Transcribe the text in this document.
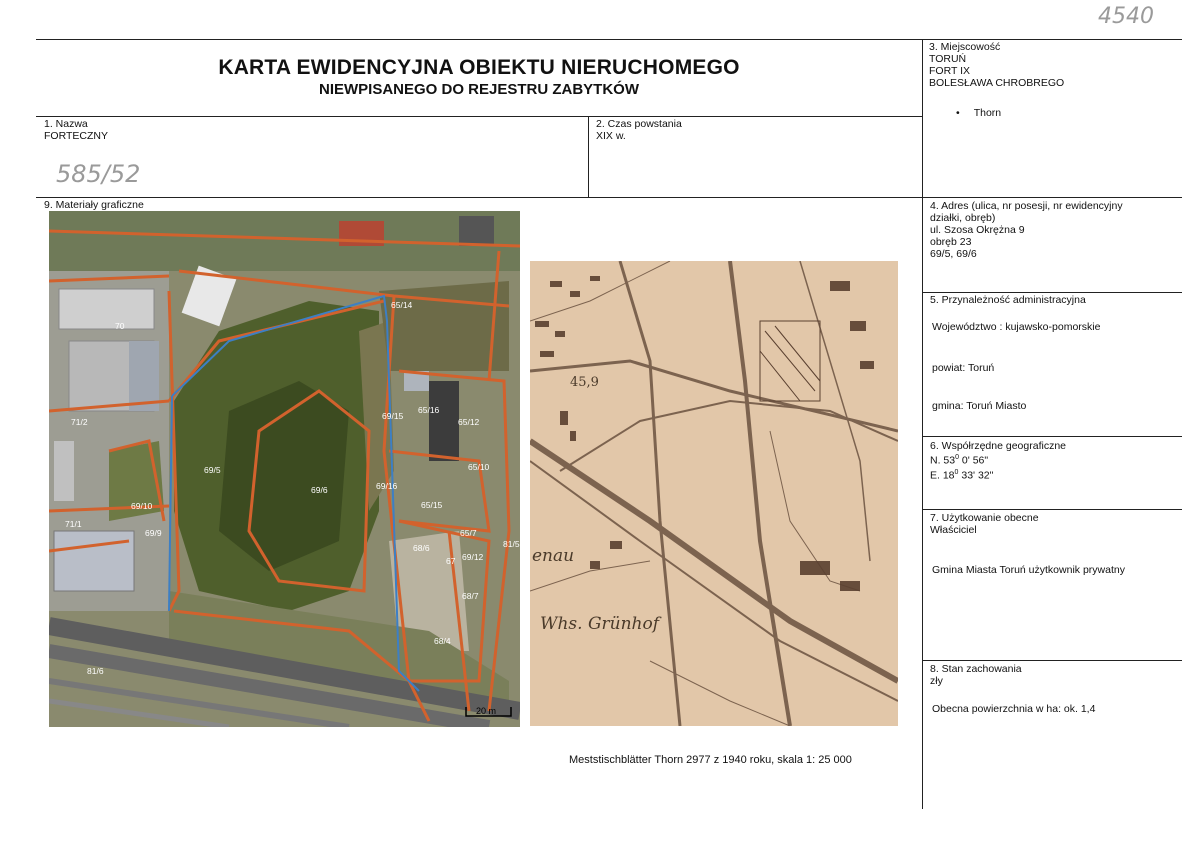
4540
KARTA EWIDENCYJNA OBIEKTU NIERUCHOMEGO
NIEWPISANEGO DO REJESTRU ZABYTKÓW
3. Miejscowość
TORUŃ
FORT IX
BOLESŁAWA CHROBREGO
• Thorn
1. Nazwa
FORTECZNY
585/52
2. Czas powstania
XIX w.
9. Materiały graficzne
65/14
70
71/2
69/5
69/6
69/15
65/16
65/12
65/10
69/16
65/15
69/10
71/1
69/9	65/7
69/12
68/6
67
81/5
68/7
68/4
81/6
20 m
45,9
enau
Whs. Grünhof
Meststischblätter Thorn 2977 z 1940 roku, skala 1: 25 000
4. Adres (ulica, nr posesji, nr ewidencyjny
działki, obręb)
ul. Szosa Okrężna 9
obręb 23
69/5, 69/6
5. Przynależność administracyjna
Województwo : kujawsko-pomorskie
powiat: Toruń
gmina: Toruń Miasto
6. Współrzędne geograficzne
N. $53^0$ 0' 56"
E. $18^0$ 33' 32"
7. Użytkowanie obecne
Właściciel
Gmina Miasta Toruń użytkownik prywatny
8. Stan zachowania
zły
Obecna powierzchnia w ha: ok. 1,4
